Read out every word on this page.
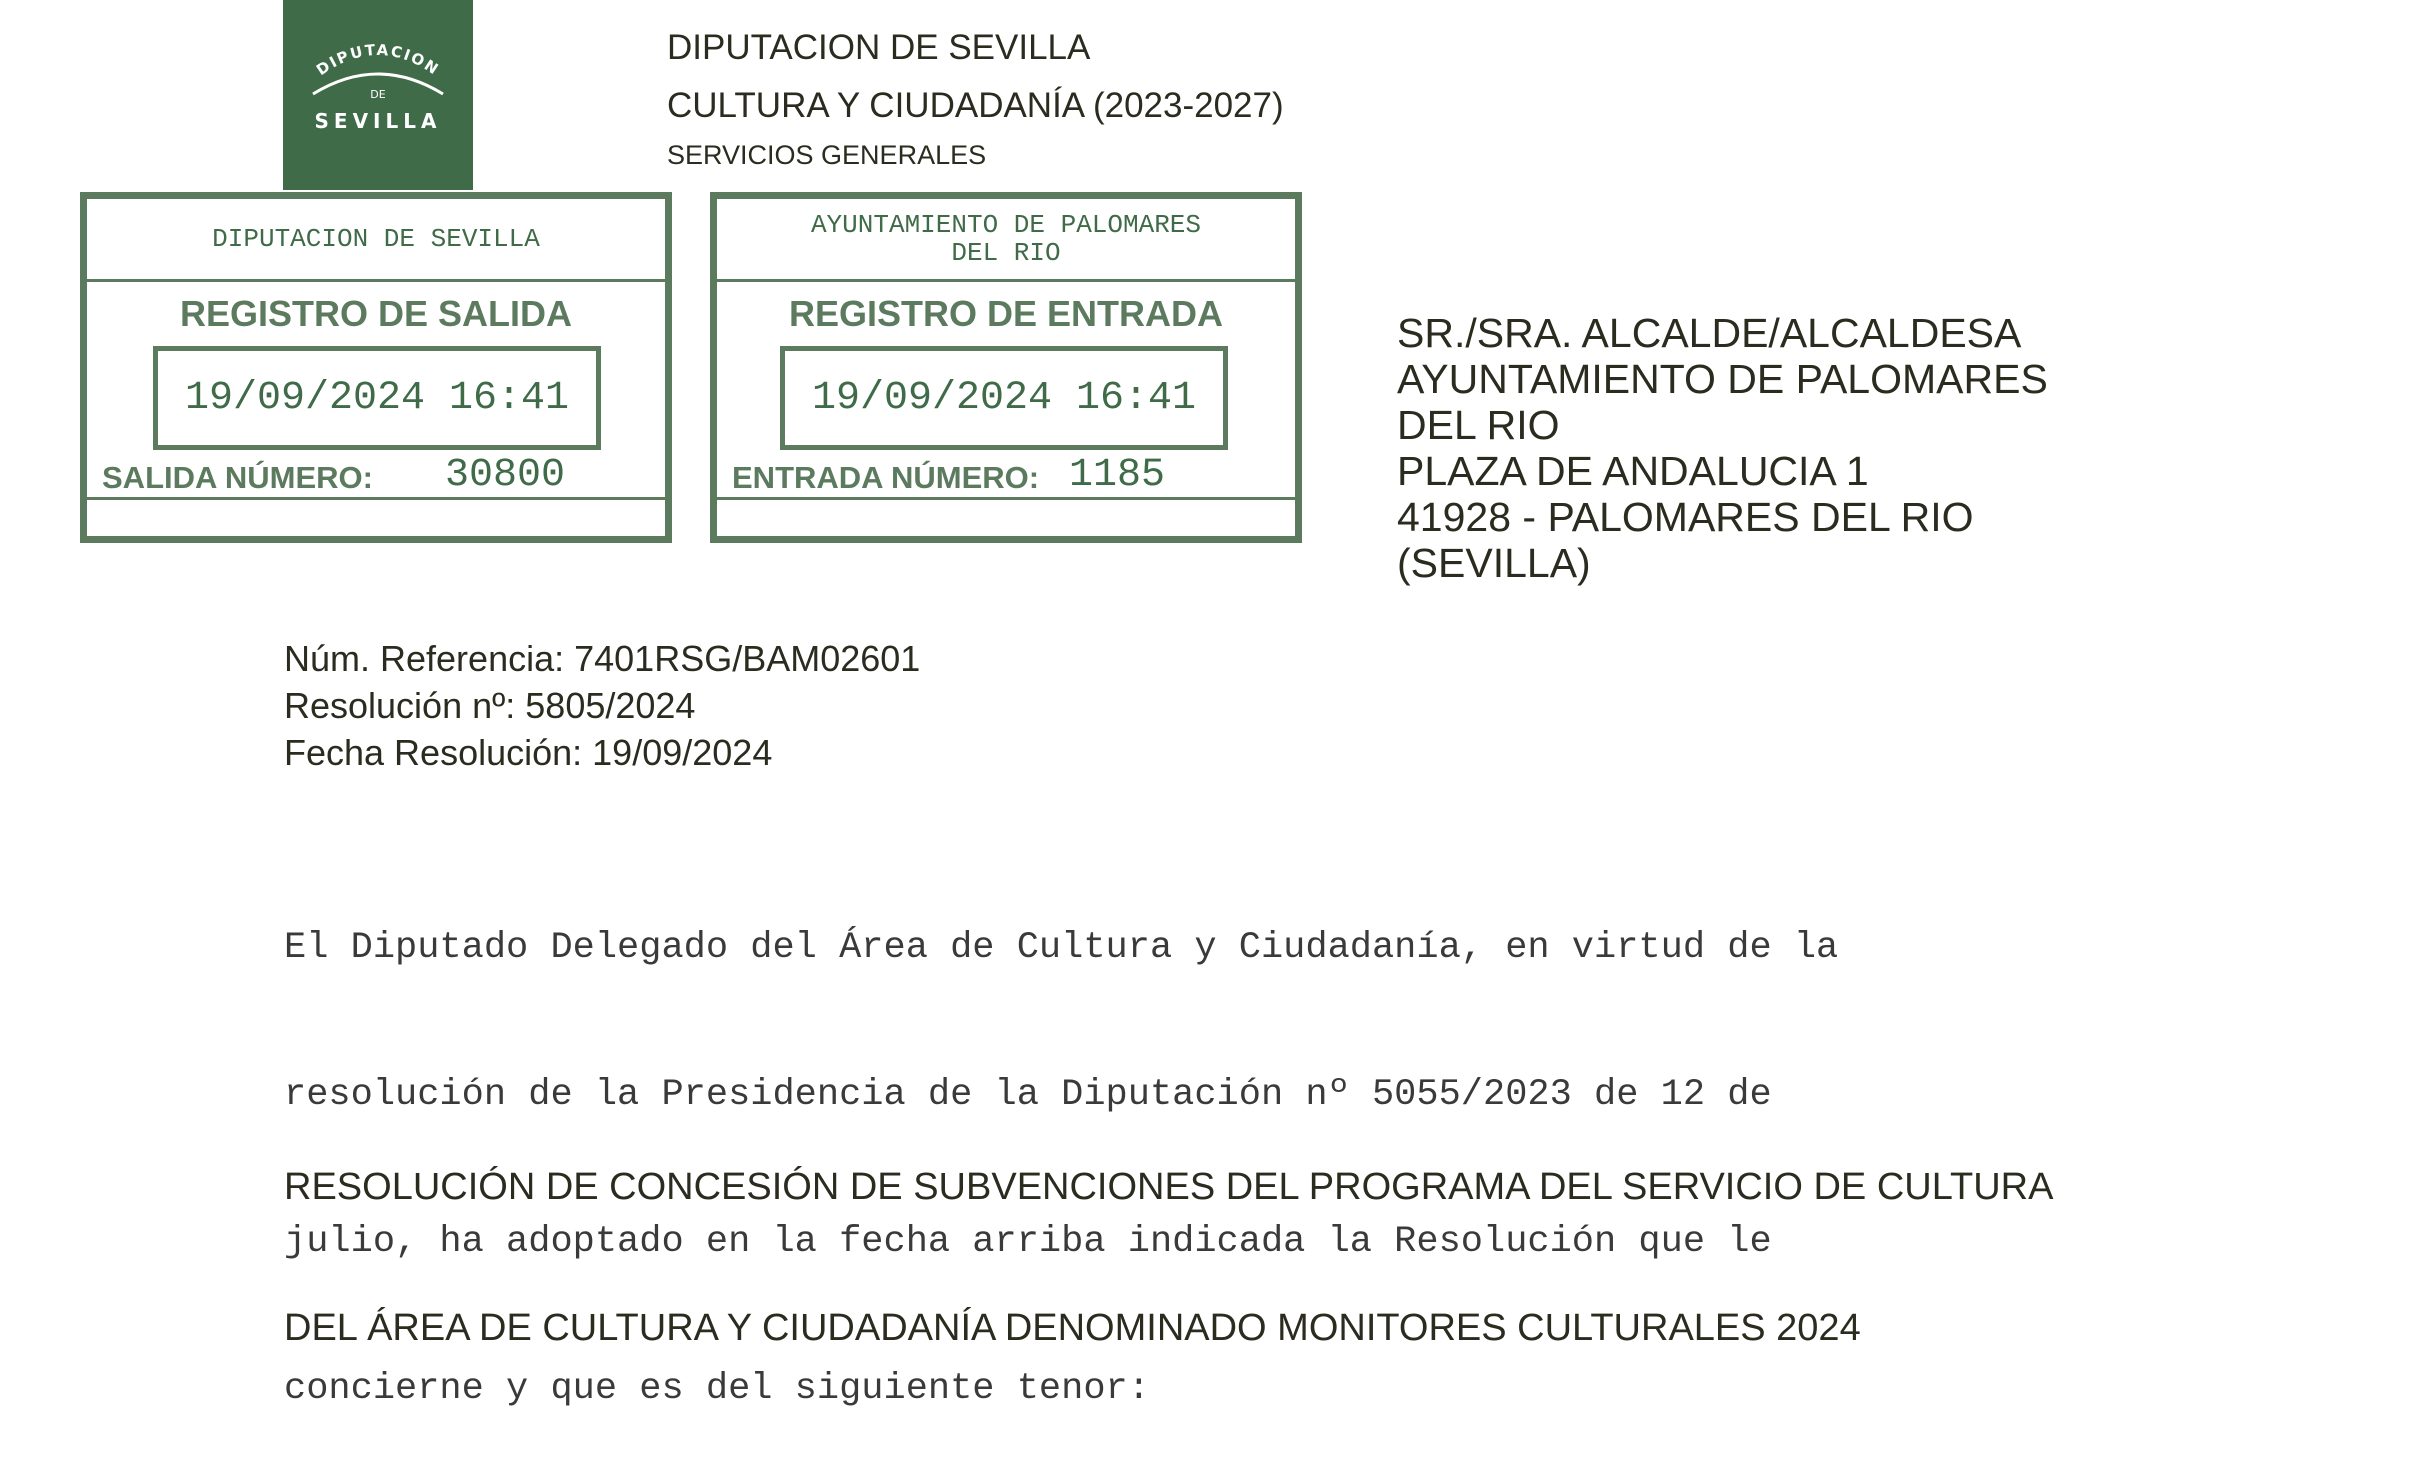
DIPUTACION
DE
SEVILLA
DIPUTACION DE SEVILLA
CULTURA Y CIUDADANÍA (2023-2027)
SERVICIOS GENERALES
DIPUTACION DE SEVILLA
REGISTRO DE SALIDA
19/09/2024 16:41
SALIDA NÚMERO: 30800
AYUNTAMIENTO DE PALOMARES
DEL RIO
REGISTRO DE ENTRADA
19/09/2024 16:41
ENTRADA NÚMERO: 1185
SR./SRA. ALCALDE/ALCALDESA
AYUNTAMIENTO DE PALOMARES
DEL RIO
PLAZA DE ANDALUCIA 1
41928 - PALOMARES DEL RIO
(SEVILLA)
Núm. Referencia: 7401RSG/BAM02601
Resolución nº: 5805/2024
Fecha Resolución: 19/09/2024

El Diputado Delegado del Área de Cultura y Ciudadanía, en virtud de la

resolución de la Presidencia de la Diputación nº 5055/2023 de 12 de

julio, ha adoptado en la fecha arriba indicada la Resolución que le

concierne y que es del siguiente tenor:

RESOLUCIÓN DE CONCESIÓN DE SUBVENCIONES DEL PROGRAMA DEL SERVICIO DE CULTURA

DEL ÁREA DE CULTURA Y CIUDADANÍA DENOMINADO MONITORES CULTURALES 2024
